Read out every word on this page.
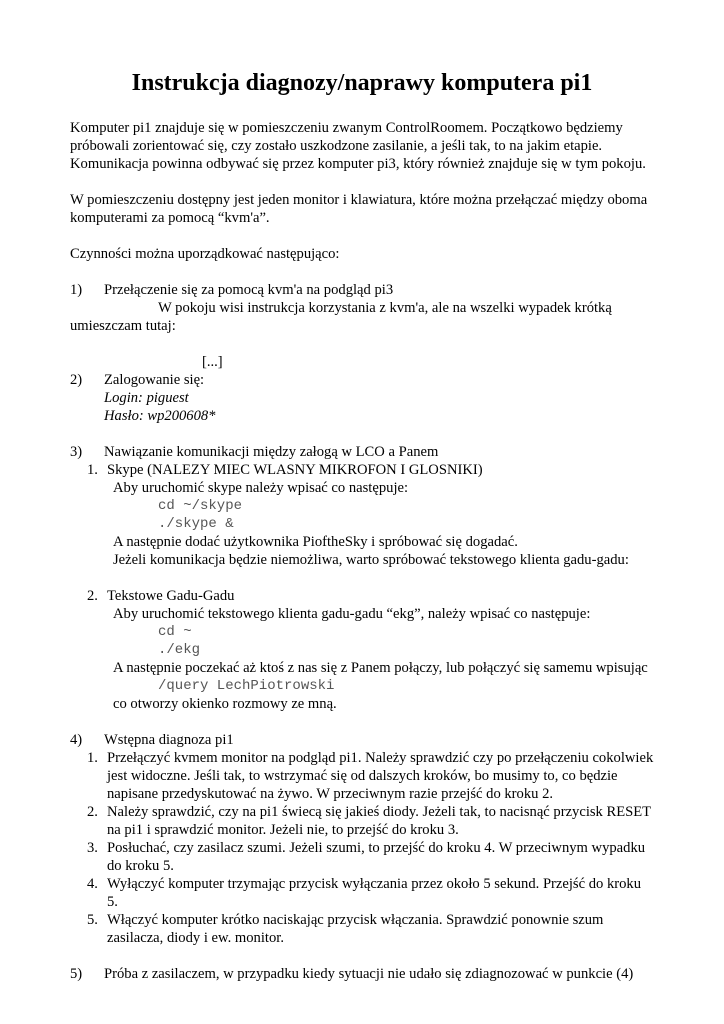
Instrukcja diagnozy/naprawy komputera pi1

Komputer pi1 znajduje się w pomieszczeniu zwanym ControlRoomem. Początkowo będziemy próbowali zorientować się, czy zostało uszkodzone zasilanie, a jeśli tak, to na jakim etapie. Komunikacja powinna odbywać się przez komputer pi3, który również znajduje się w tym pokoju.

W pomieszczeniu dostępny jest jeden monitor i klawiatura, które można przełączać między oboma komputerami za pomocą “kvm'a”.

Czynności można uporządkować następująco:

1)	Przełączenie się za pomocą kvm'a na podgląd pi3

W pokoju wisi instrukcja korzystania z kvm'a, ale na wszelki wypadek krótką

umieszczam tutaj:

[...]

2)	Zalogowanie się:

Login: piguest

Hasło: wp200608*

3)	Nawiązanie komunikacji między załogą w LCO a Panem
1. Skype (NALEZY MIEC WLASNY MIKROFON I GLOSNIKI)

Aby uruchomić skype należy wpisać co następuje:

cd ~/skype

./skype &

A następnie dodać użytkownika PioftheSky i spróbować się dogadać.

Jeżeli komunikacja będzie niemożliwa, warto spróbować tekstowego klienta gadu-gadu:

2. Tekstowe Gadu-Gadu

Aby uruchomić tekstowego klienta gadu-gadu “ekg”, należy wpisać co następuje:

cd ~

./ekg

A następnie poczekać aż ktoś z nas się z Panem połączy, lub połączyć się samemu wpisując

/query LechPiotrowski

co otworzy okienko rozmowy ze mną.

4)	Wstępna diagnoza pi1
1. Przełączyć kvmem monitor na podgląd pi1. Należy sprawdzić czy po przełączeniu cokolwiek jest widoczne. Jeśli tak, to wstrzymać się od dalszych kroków, bo musimy to, co będzie napisane przedyskutować na żywo. W przeciwnym razie przejść do kroku 2.
2. Należy sprawdzić, czy na pi1 świecą się jakieś diody. Jeżeli tak, to nacisnąć przycisk RESET na pi1 i sprawdzić monitor. Jeżeli nie, to przejść do kroku 3.
3. Posłuchać, czy zasilacz szumi. Jeżeli szumi, to przejść do kroku 4. W przeciwnym wypadku do kroku 5.
4. Wyłączyć komputer trzymając przycisk wyłączania przez około 5 sekund. Przejść do kroku 5.
5. Włączyć komputer krótko naciskając przycisk włączania. Sprawdzić ponownie szum zasilacza, diody i ew. monitor.
5)	Próba z zasilaczem, w przypadku kiedy sytuacji nie udało się zdiagnozować w punkcie (4)
